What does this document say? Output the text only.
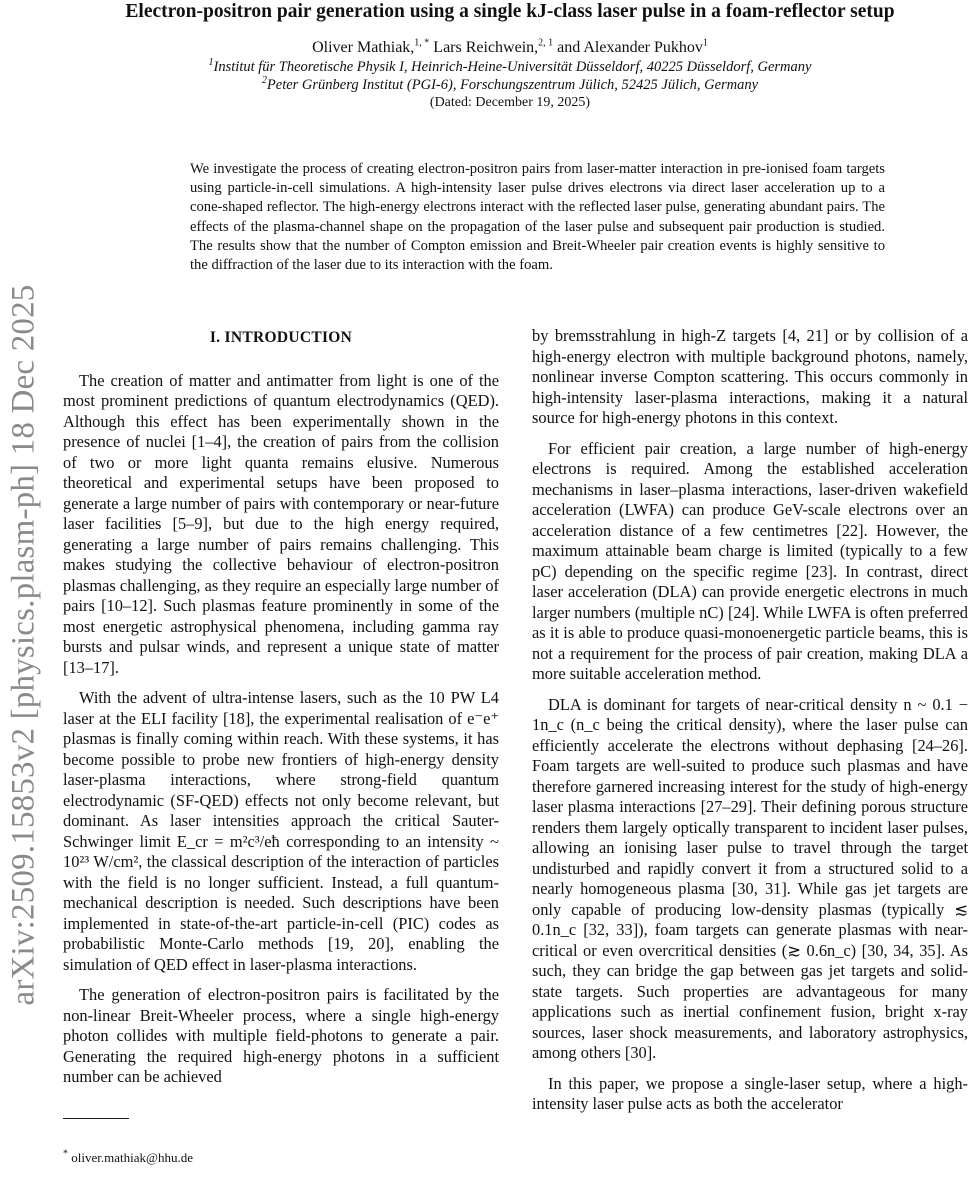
arXiv:2509.15853v2 [physics.plasm-ph] 18 Dec 2025
Electron-positron pair generation using a single kJ-class laser pulse in a foam-reflector setup
Oliver Mathiak,$^{1, *}$ Lars Reichwein,$^{2, 1}$ and Alexander Pukhov$^1$
$^1$Institut für Theoretische Physik I, Heinrich-Heine-Universität Düsseldorf, 40225 Düsseldorf, Germany
$^2$Peter Grünberg Institut (PGI-6), Forschungszentrum Jülich, 52425 Jülich, Germany
(Dated: December 19, 2025)

We investigate the process of creating electron-positron pairs from laser-matter interaction in pre-ionised foam targets using particle-in-cell simulations. A high-intensity laser pulse drives electrons via direct laser acceleration up to a cone-shaped reflector. The high-energy electrons interact with the reflected laser pulse, generating abundant pairs. The effects of the plasma-channel shape on the propagation of the laser pulse and subsequent pair production is studied. The results show that the number of Compton emission and Breit-Wheeler pair creation events is highly sensitive to the diffraction of the laser due to its interaction with the foam.

I. INTRODUCTION

The creation of matter and antimatter from light is one of the most prominent predictions of quantum electrodynamics (QED). Although this effect has been experimentally shown in the presence of nuclei [1–4], the creation of pairs from the collision of two or more light quanta remains elusive. Numerous theoretical and experimental setups have been proposed to generate a large number of pairs with contemporary or near-future laser facilities [5–9], but due to the high energy required, generating a large number of pairs remains challenging. This makes studying the collective behaviour of electron-positron plasmas challenging, as they require an especially large number of pairs [10–12]. Such plasmas feature prominently in some of the most energetic astrophysical phenomena, including gamma ray bursts and pulsar winds, and represent a unique state of matter [13–17].

With the advent of ultra-intense lasers, such as the 10 PW L4 laser at the ELI facility [18], the experimental realisation of e⁻e⁺ plasmas is finally coming within reach. With these systems, it has become possible to probe new frontiers of high-energy density laser-plasma interactions, where strong-field quantum electrodynamic (SF-QED) effects not only become relevant, but dominant. As laser intensities approach the critical Sauter-Schwinger limit E_cr = m²c³/eħ corresponding to an intensity ~ 10²³ W/cm², the classical description of the interaction of particles with the field is no longer sufficient. Instead, a full quantum-mechanical description is needed. Such descriptions have been implemented in state-of-the-art particle-in-cell (PIC) codes as probabilistic Monte-Carlo methods [19, 20], enabling the simulation of QED effect in laser-plasma interactions.

The generation of electron-positron pairs is facilitated by the non-linear Breit-Wheeler process, where a single high-energy photon collides with multiple field-photons to generate a pair. Generating the required high-energy photons in a sufficient number can be achieved

by bremsstrahlung in high-Z targets [4, 21] or by collision of a high-energy electron with multiple background photons, namely, nonlinear inverse Compton scattering. This occurs commonly in high-intensity laser-plasma interactions, making it a natural source for high-energy photons in this context.

For efficient pair creation, a large number of high-energy electrons is required. Among the established acceleration mechanisms in laser–plasma interactions, laser-driven wakefield acceleration (LWFA) can produce GeV-scale electrons over an acceleration distance of a few centimetres [22]. However, the maximum attainable beam charge is limited (typically to a few pC) depending on the specific regime [23]. In contrast, direct laser acceleration (DLA) can provide energetic electrons in much larger numbers (multiple nC) [24]. While LWFA is often preferred as it is able to produce quasi-monoenergetic particle beams, this is not a requirement for the process of pair creation, making DLA a more suitable acceleration method.

DLA is dominant for targets of near-critical density n ~ 0.1 − 1n_c (n_c being the critical density), where the laser pulse can efficiently accelerate the electrons without dephasing [24–26]. Foam targets are well-suited to produce such plasmas and have therefore garnered increasing interest for the study of high-energy laser plasma interactions [27–29]. Their defining porous structure renders them largely optically transparent to incident laser pulses, allowing an ionising laser pulse to travel through the target undisturbed and rapidly convert it from a structured solid to a nearly homogeneous plasma [30, 31]. While gas jet targets are only capable of producing low-density plasmas (typically ≲ 0.1n_c [32, 33]), foam targets can generate plasmas with near-critical or even overcritical densities (≳ 0.6n_c) [30, 34, 35]. As such, they can bridge the gap between gas jet targets and solid-state targets. Such properties are advantageous for many applications such as inertial confinement fusion, bright x-ray sources, laser shock measurements, and laboratory astrophysics, among others [30].

In this paper, we propose a single-laser setup, where a high-intensity laser pulse acts as both the accelerator

* oliver.mathiak@hhu.de
